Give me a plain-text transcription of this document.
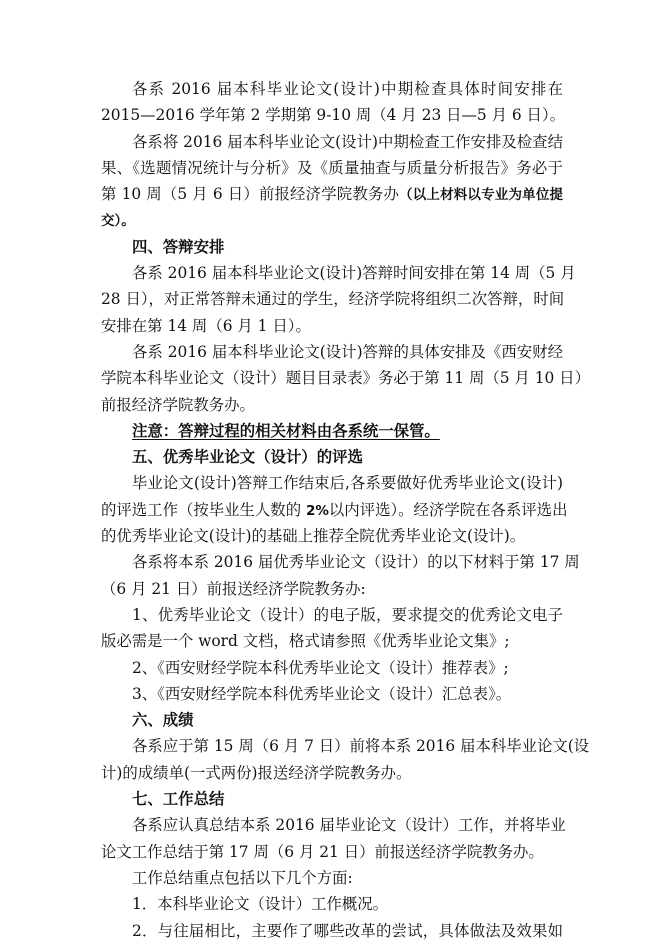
各系 2016 届本科毕业论文(设计)中期检查具体时间安排在
2015—2016 学年第 2 学期第 9-10 周（4 月 23 日—5 月 6 日）。
各系将 2016 届本科毕业论文(设计)中期检查工作安排及检查结
果、《选题情况统计与分析》及《质量抽查与质量分析报告》务必于
第 10 周（5 月 6 日）前报经济学院教务办（以上材料以专业为单位提
交）。
四、答辩安排
各系 2016 届本科毕业论文(设计)答辩时间安排在第 14 周（5 月
28 日），对正常答辩未通过的学生，经济学院将组织二次答辩，时间
安排在第 14 周（6 月 1 日）。
各系 2016 届本科毕业论文(设计)答辩的具体安排及《西安财经
学院本科毕业论文（设计）题目目录表》务必于第 11 周（5 月 10 日）
前报经济学院教务办。
注意：答辩过程的相关材料由各系统一保管。
五、优秀毕业论文（设计）的评选
毕业论文(设计)答辩工作结束后,各系要做好优秀毕业论文(设计)
的评选工作（按毕业生人数的 2%以内评选）。经济学院在各系评选出
的优秀毕业论文(设计)的基础上推荐全院优秀毕业论文(设计)。
各系将本系 2016 届优秀毕业论文（设计）的以下材料于第 17 周
（6 月 21 日）前报送经济学院教务办:
1、优秀毕业论文（设计）的电子版，要求提交的优秀论文电子
版必需是一个 word 文档，格式请参照《优秀毕业论文集》;
2、《西安财经学院本科优秀毕业论文（设计）推荐表》;
3、《西安财经学院本科优秀毕业论文（设计）汇总表》。
六、成绩
各系应于第 15 周（6 月 7 日）前将本系 2016 届本科毕业论文(设
计)的成绩单(一式两份)报送经济学院教务办。
七、工作总结
各系应认真总结本系 2016 届毕业论文（设计）工作，并将毕业
论文工作总结于第 17 周（6 月 21 日）前报送经济学院教务办。
工作总结重点包括以下几个方面:
1．本科毕业论文（设计）工作概况。
2．与往届相比，主要作了哪些改革的尝试，具体做法及效果如
